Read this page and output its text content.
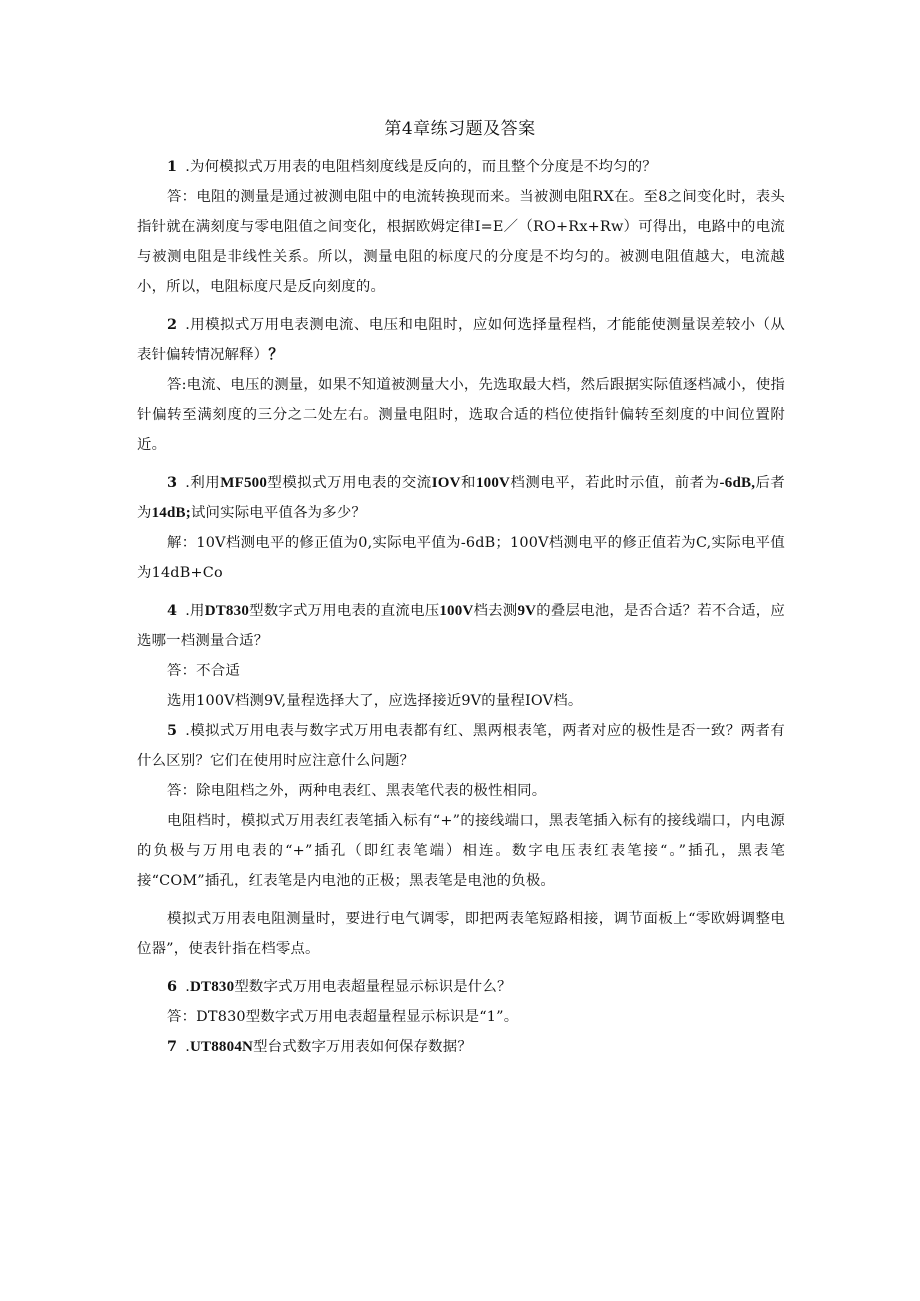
第4章练习题及答案

1 .为何模拟式万用表的电阻档刻度线是反向的，而且整个分度是不均匀的？

答：电阻的测量是通过被测电阻中的电流转换现而来。当被测电阻RX在。至8之间变化时，表头指针就在满刻度与零电阻值之间变化，根据欧姆定律I=E／（RO+Rx+Rw）可得出，电路中的电流与被测电阻是非线性关系。所以，测量电阻的标度尺的分度是不均匀的。被测电阻值越大，电流越小，所以，电阻标度尺是反向刻度的。

2 .用模拟式万用电表测电流、电压和电阻时，应如何选择量程档，才能能使测量误差较小（从表针偏转情况解释）？

答:电流、电压的测量，如果不知道被测量大小，先选取最大档，然后跟据实际值逐档减小，使指针偏转至满刻度的三分之二处左右。测量电阻时，选取合适的档位使指针偏转至刻度的中间位置附近。

3 .利用MF500型模拟式万用电表的交流IOV和100V档测电平，若此时示值，前者为-6dB,后者为14dB;试问实际电平值各为多少？

解：10V档测电平的修正值为0,实际电平值为-6dB；100V档测电平的修正值若为C,实际电平值为14dB+Co

4 .用DT830型数字式万用电表的直流电压100V档去测9V的叠层电池，是否合适？若不合适，应选哪一档测量合适？

答：不合适

选用100V档测9V,量程选择大了，应选择接近9V的量程IOV档。

5 .模拟式万用电表与数字式万用电表都有红、黑两根表笔，两者对应的极性是否一致？两者有什么区别？它们在使用时应注意什么问题？

答：除电阻档之外，两种电表红、黑表笔代表的极性相同。

电阻档时，模拟式万用表红表笔插入标有“+”的接线端口，黑表笔插入标有的接线端口，内电源的负极与万用电表的“+”插孔（即红表笔端）相连。数字电压表红表笔接“。”插孔，黑表笔接“COM”插孔，红表笔是内电池的正极；黑表笔是电池的负极。

模拟式万用表电阻测量时，要进行电气调零，即把两表笔短路相接，调节面板上“零欧姆调整电位器”，使表针指在档零点。

6 .DT830型数字式万用电表超量程显示标识是什么？

答：DT830型数字式万用电表超量程显示标识是“1”。

7 .UT8804N型台式数字万用表如何保存数据？
